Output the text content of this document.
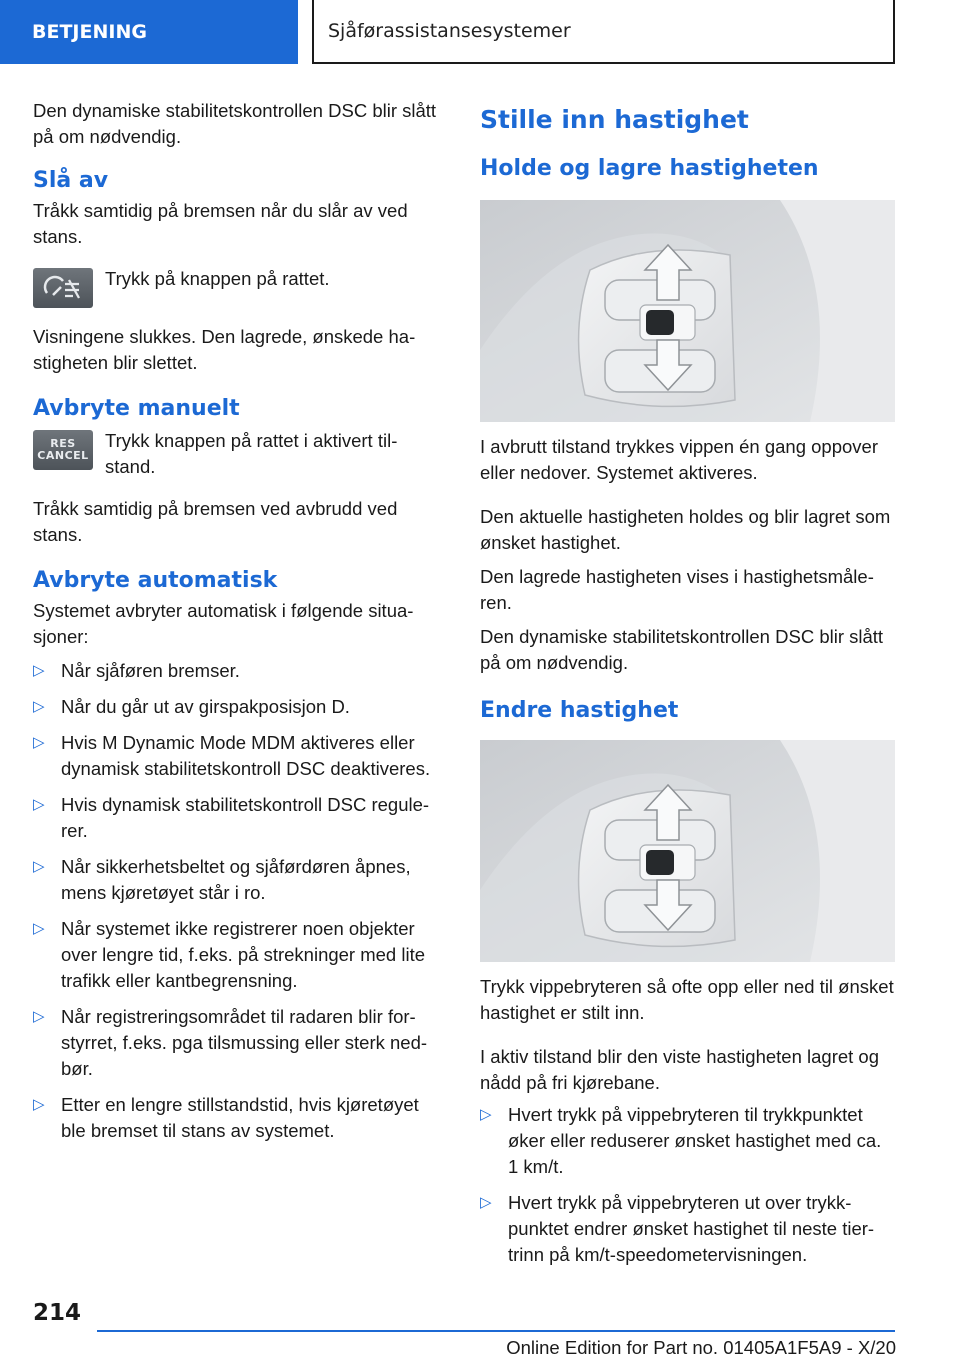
BETJENING	Sjåførassistansesystemer

Den dynamiske stabilitetskontrollen DSC blir slått på om nødvendig.

Slå av

Tråkk samtidig på bremsen når du slår av ved stans.

Trykk på knappen på rattet.

Visningene slukkes. Den lagrede, ønskede hastigheten blir slettet.

Avbryte manuelt
RES
CANCEL

Trykk knappen på rattet i aktivert tilstand.

Tråkk samtidig på bremsen ved avbrudd ved stans.

Avbryte automatisk

Systemet avbryter automatisk i følgende situasjoner:

▷ Når sjåføren bremser.
▷ Når du går ut av girspakposisjon D.
▷ Hvis M Dynamic Mode MDM aktiveres eller dynamisk stabilitetskontroll DSC deaktiveres.
▷ Hvis dynamisk stabilitetskontroll DSC regulerer.
▷ Når sikkerhetsbeltet og sjåførdøren åpnes, mens kjøretøyet står i ro.
▷ Når systemet ikke registrerer noen objekter over lengre tid, f.eks. på strekninger med lite trafikk eller kantbegrensning.
▷ Når registreringsområdet til radaren blir forstyrret, f.eks. pga tilsmussing eller sterk nedbør.
▷ Etter en lengre stillstandstid, hvis kjøretøyet ble bremset til stans av systemet.
Stille inn hastighet
Holde og lagre hastigheten

I avbrutt tilstand trykkes vippen én gang oppover eller nedover. Systemet aktiveres.

Den aktuelle hastigheten holdes og blir lagret som ønsket hastighet.

Den lagrede hastigheten vises i hastighetsmåleren.

Den dynamiske stabilitetskontrollen DSC blir slått på om nødvendig.

Endre hastighet

Trykk vippebryteren så ofte opp eller ned til ønsket hastighet er stilt inn.

I aktiv tilstand blir den viste hastigheten lagret og nådd på fri kjørebane.

▷ Hvert trykk på vippebryteren til trykkpunktet øker eller reduserer ønsket hastighet med ca. 1 km/t.
▷ Hvert trykk på vippebryteren ut over trykkpunktet endrer ønsket hastighet til neste tiertrinn på km/t-speedometervisningen.
214
Online Edition for Part no. 01405A1F5A9 - X/20
